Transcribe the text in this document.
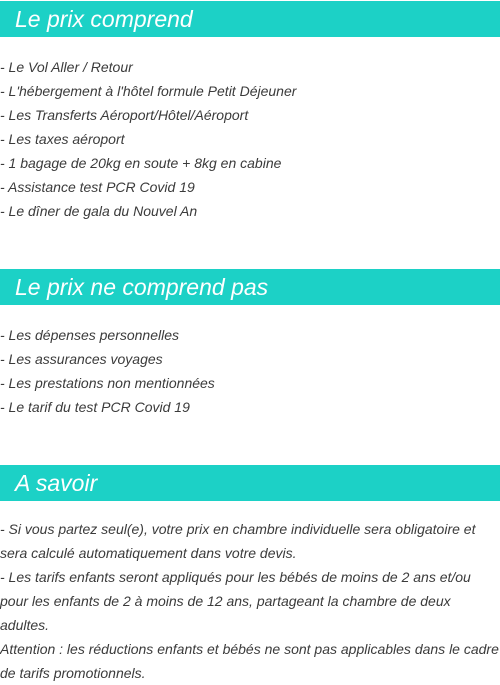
Le prix comprend
- Le Vol Aller / Retour
- L'hébergement à l'hôtel formule Petit Déjeuner
- Les Transferts Aéroport/Hôtel/Aéroport
- Les taxes aéroport
- 1 bagage de 20kg en soute + 8kg en cabine
- Assistance test PCR Covid 19
- Le dîner de gala du Nouvel An
Le prix ne comprend pas
- Les dépenses personnelles
- Les assurances voyages
- Les prestations non mentionnées
- Le tarif du test PCR Covid 19
A savoir

- Si vous partez seul(e), votre prix en chambre individuelle sera obligatoire et sera calculé automatiquement dans votre devis.

- Les tarifs enfants seront appliqués pour les bébés de moins de 2 ans et/ou pour les enfants de 2 à moins de 12 ans, partageant la chambre de deux adultes.

Attention : les réductions enfants et bébés ne sont pas applicables dans le cadre de tarifs promotionnels.
